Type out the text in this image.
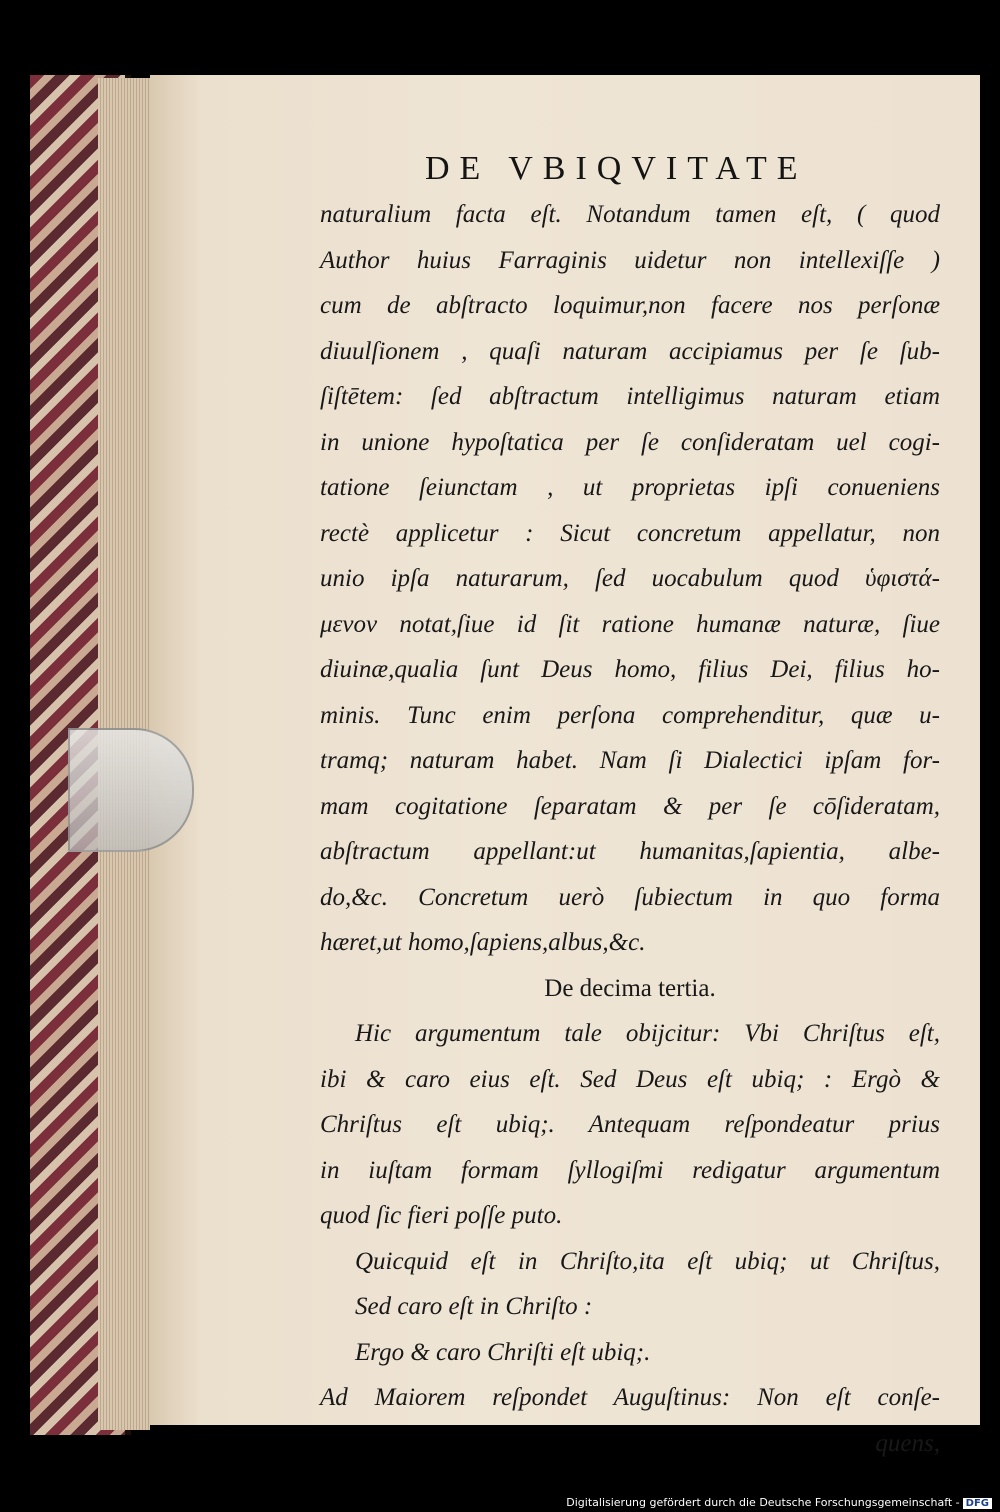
DE VBIQVITATE
naturalium facta eſt. Notandum tamen eſt, ( quod
Author huius Farraginis uidetur non intellexiſſe )
cum de abſtracto loquimur,non facere nos perſonæ
diuulſionem , quaſi naturam accipiamus per ſe ſub-
ſiſtētem: ſed abſtractum intelligimus naturam etiam
in unione hypoſtatica per ſe conſideratam uel cogi-
tatione ſeiunctam , ut proprietas ipſi conueniens
rectè applicetur : Sicut concretum appellatur, non
unio ipſa naturarum, ſed uocabulum quod ὑφιστά-
μενον notat,ſiue id ſit ratione humanæ naturæ, ſiue
diuinæ,qualia ſunt Deus homo, filius Dei, filius ho-
minis. Tunc enim perſona comprehenditur, quæ u-
tramq; naturam habet. Nam ſi Dialectici ipſam for-
mam cogitatione ſeparatam & per ſe cōſideratam,
abſtractum appellant:ut humanitas,ſapientia, albe-
do,&c. Concretum uerò ſubiectum in quo forma
hæret,ut homo,ſapiens,albus,&c.
De decima tertia.
Hic argumentum tale obijcitur: Vbi Chriſtus eſt,
ibi & caro eius eſt. Sed Deus eſt ubiq; : Ergò &
Chriſtus eſt ubiq;. Antequam reſpondeatur prius
in iuſtam formam ſyllogiſmi redigatur argumentum
quod ſic fieri poſſe puto.
Quicquid eſt in Chriſto,ita eſt ubiq; ut Chriſtus,
Sed caro eſt in Chriſto :
Ergo & caro Chriſti eſt ubiq;.
Ad Maiorem reſpondet Auguſtinus: Non eſt conſe-
quens,
Digitalisierung gefördert durch die Deutsche Forschungsgemeinschaft - DFG
